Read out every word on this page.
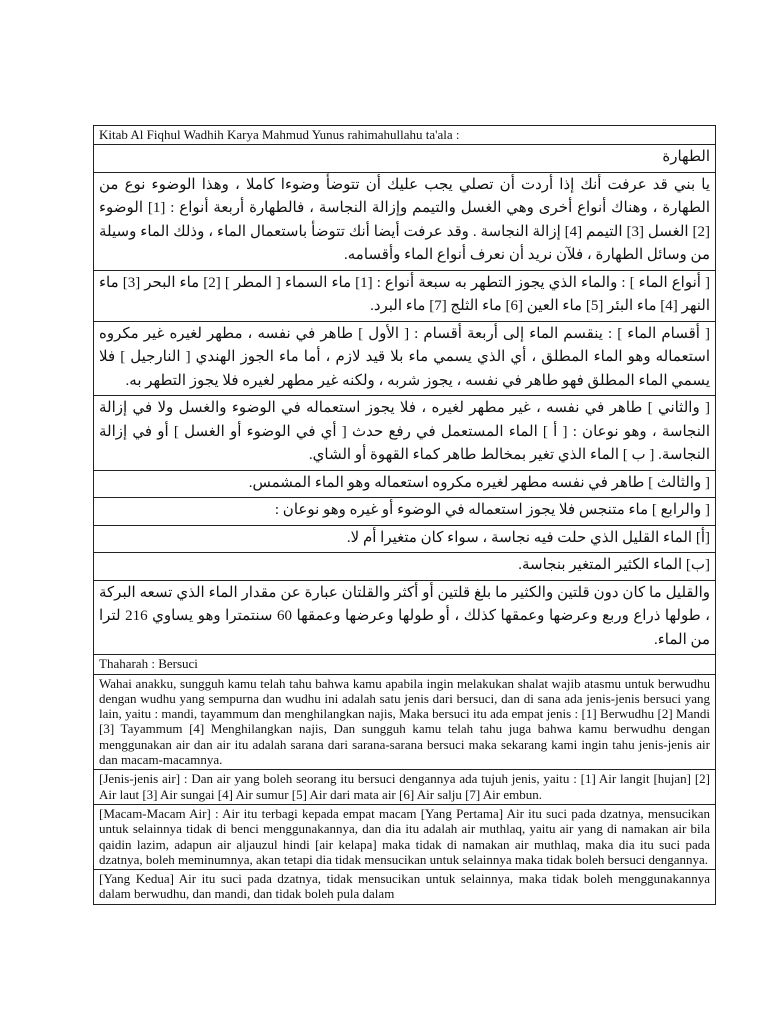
Kitab Al Fiqhul Wadhih Karya Mahmud Yunus rahimahullahu ta'ala :
الطهارة
يا بني قد عرفت أنك إذا أردت أن تصلي يجب عليك أن تتوضأ وضوءا كاملا ، وهذا الوضوء نوع من الطهارة ، وهناك أنواع أخرى وهي الغسل والتيمم وإزالة النجاسة ، فالطهارة أربعة أنواع : [1] الوضوء [2] الغسل [3] التيمم [4] إزالة النجاسة . وقد عرفت أيضا أنك تتوضأ باستعمال الماء ، وذلك الماء وسيلة من وسائل الطهارة ، فلآن نريد أن نعرف أنواع الماء وأقسامه.
[ أنواع الماء ] : والماء الذي يجوز التطهر به سبعة أنواع : [1] ماء السماء [ المطر ] [2] ماء البحر [3] ماء النهر [4] ماء البئر [5] ماء العين [6] ماء الثلج [7] ماء البرد.
[ أقسام الماء ] : ينقسم الماء إلى أربعة أقسام : [ الأول ] طاهر في نفسه ، مطهر لغيره غير مكروه استعماله وهو الماء المطلق ، أي الذي يسمي ماء بلا قيد لازم ، أما ماء الجوز الهندي [ النارجيل ] فلا يسمي الماء المطلق فهو طاهر في نفسه ، يجوز شربه ، ولكنه غير مطهر لغيره فلا يجوز التطهر به.
[ والثاني ] طاهر في نفسه ، غير مطهر لغيره ، فلا يجوز استعماله في الوضوء والغسل ولا في إزالة النجاسة ، وهو نوعان : [ أ ] الماء المستعمل في رفع حدث [ أي في الوضوء أو الغسل ] أو في إزالة النجاسة. [ ب ] الماء الذي تغير بمخالط طاهر كماء القهوة أو الشاي.
[ والثالث ] طاهر في نفسه مطهر لغيره مكروه استعماله وهو الماء المشمس.
[ والرابع ] ماء متنجس فلا يجوز استعماله في الوضوء أو غيره وهو نوعان :
[أ] الماء القليل الذي حلت فيه نجاسة ، سواء كان متغيرا أم لا.
[ب] الماء الكثير المتغير بنجاسة.
والقليل ما كان دون قلتين والكثير ما بلغ قلتين أو أكثر والقلتان عبارة عن مقدار الماء الذي تسعه البركة ، طولها ذراع وربع وعرضها وعمقها كذلك ، أو طولها وعرضها وعمقها 60 سنتمترا وهو يساوي 216 لترا من الماء.
Thaharah : Bersuci
Wahai anakku, sungguh kamu telah tahu bahwa kamu apabila ingin melakukan shalat wajib atasmu untuk berwudhu dengan wudhu yang sempurna dan wudhu ini adalah satu jenis dari bersuci, dan di sana ada jenis-jenis bersuci yang lain, yaitu : mandi, tayammum dan menghilangkan najis, Maka bersuci itu ada empat jenis : [1] Berwudhu [2] Mandi [3] Tayammum [4] Menghilangkan najis, Dan sungguh kamu telah tahu juga bahwa kamu berwudhu dengan menggunakan air dan air itu adalah sarana dari sarana-sarana bersuci maka sekarang kami ingin tahu jenis-jenis air dan macam-macamnya.
[Jenis-jenis air] : Dan air yang boleh seorang itu bersuci dengannya ada tujuh jenis, yaitu : [1] Air langit [hujan] [2] Air laut [3] Air sungai [4] Air sumur [5] Air dari mata air [6] Air salju [7] Air embun.
[Macam-Macam Air] : Air itu terbagi kepada empat macam [Yang Pertama] Air itu suci pada dzatnya, mensucikan untuk selainnya tidak di benci menggunakannya, dan dia itu adalah air muthlaq, yaitu air yang di namakan air bila qaidin lazim, adapun air aljauzul hindi [air kelapa] maka tidak di namakan air muthlaq, maka dia itu suci pada dzatnya, boleh meminumnya, akan tetapi dia tidak mensucikan untuk selainnya maka tidak boleh bersuci dengannya.
[Yang Kedua] Air itu suci pada dzatnya, tidak mensucikan untuk selainnya, maka tidak boleh menggunakannya dalam berwudhu, dan mandi, dan tidak boleh pula dalam
